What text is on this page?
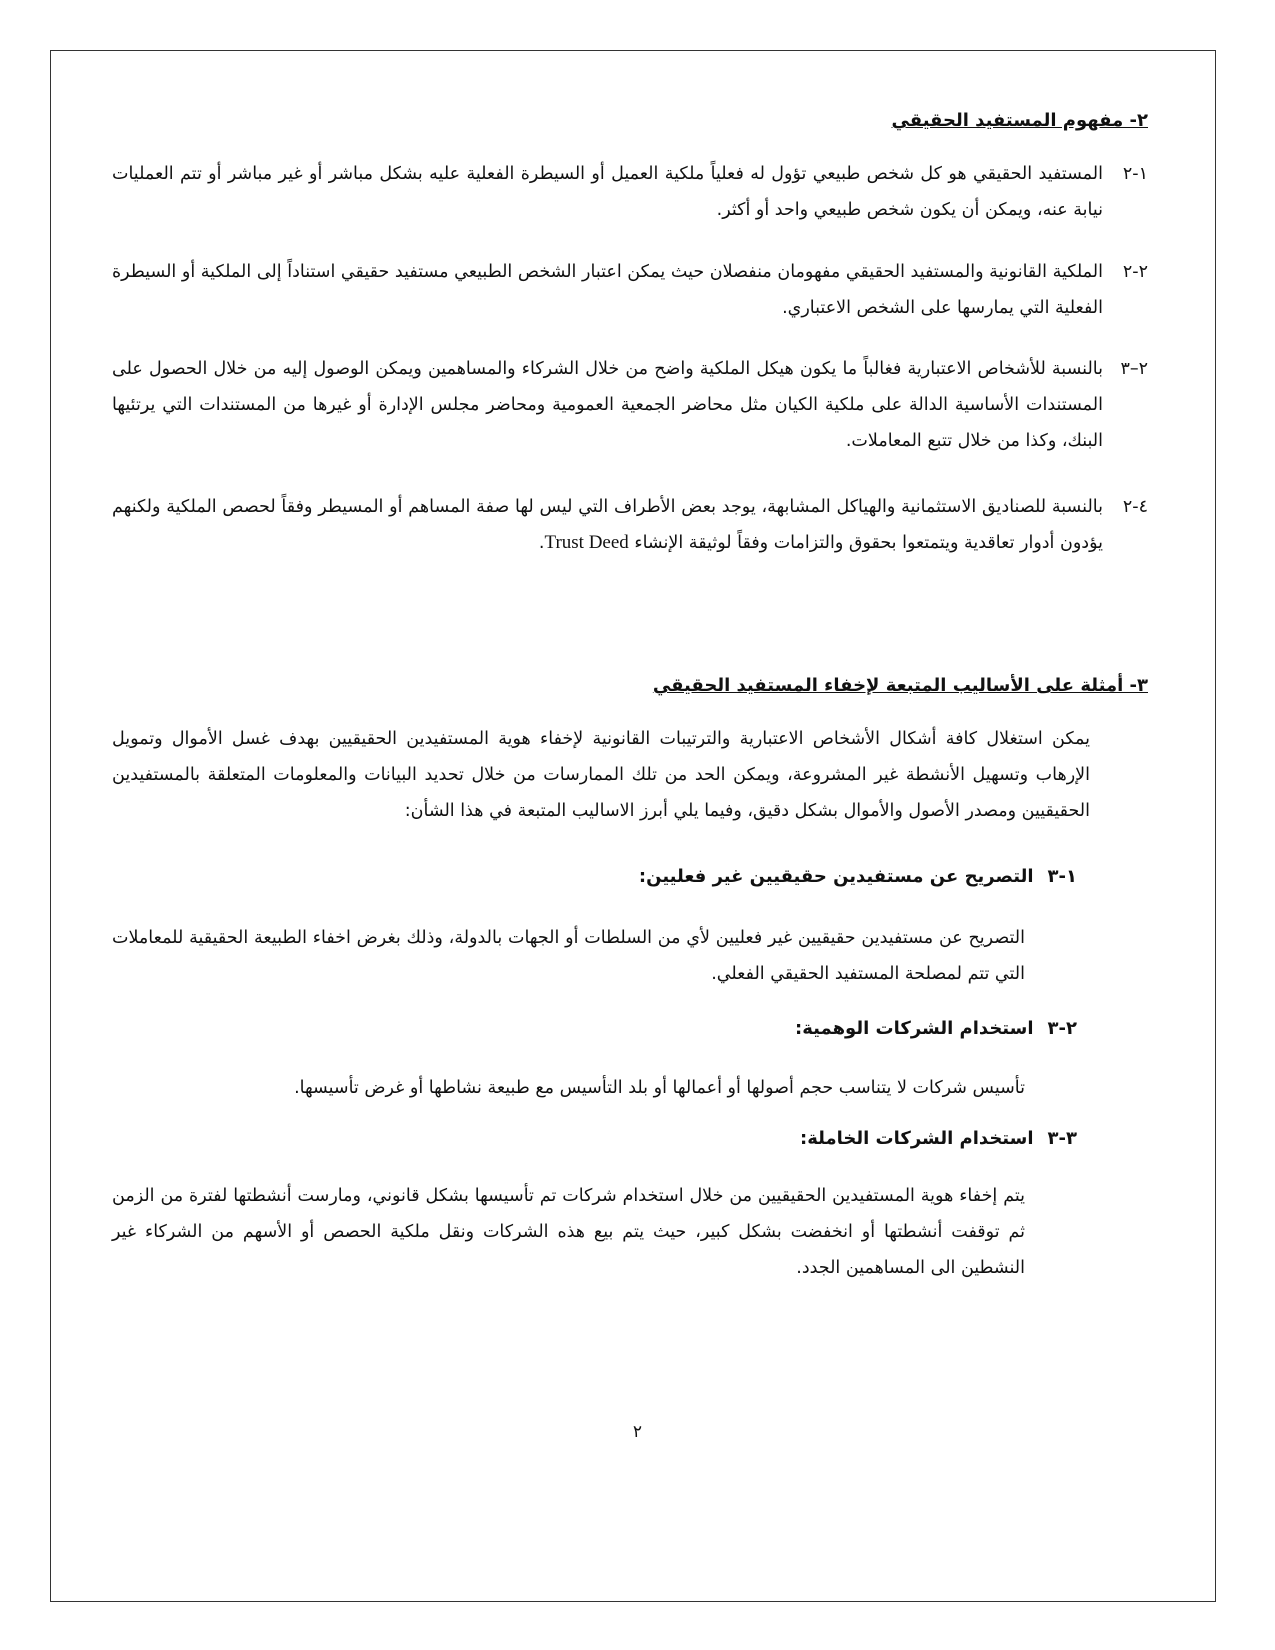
٢- مفهوم المستفيد الحقيقي
١-٢
المستفيد الحقيقي هو كل شخص طبيعي تؤول له فعلياً ملكية العميل أو السيطرة الفعلية عليه بشكل مباشر أو غير مباشر أو تتم العمليات نيابة عنه، ويمكن أن يكون شخص طبيعي واحد أو أكثر.
٢-٢
الملكية القانونية والمستفيد الحقيقي مفهومان منفصلان حيث يمكن اعتبار الشخص الطبيعي مستفيد حقيقي استناداً إلى الملكية أو السيطرة الفعلية التي يمارسها على الشخص الاعتباري.
٢–٣
بالنسبة للأشخاص الاعتبارية فغالباً ما يكون هيكل الملكية واضح من خلال الشركاء والمساهمين ويمكن الوصول إليه من خلال الحصول على المستندات الأساسية الدالة على ملكية الكيان مثل محاضر الجمعية العمومية ومحاضر مجلس الإدارة أو غيرها من المستندات التي يرتئيها البنك، وكذا من خلال تتبع المعاملات.
٤-٢
بالنسبة للصناديق الاستثمانية والهياكل المشابهة، يوجد بعض الأطراف التي ليس لها صفة المساهم أو المسيطر وفقاً لحصص الملكية ولكنهم يؤدون أدوار تعاقدية ويتمتعوا بحقوق والتزامات وفقاً لوثيقة الإنشاء Trust Deed.
٣- أمثلة على الأساليب المتبعة لإخفاء المستفيد الحقيقي
يمكن استغلال كافة أشكال الأشخاص الاعتبارية والترتيبات القانونية لإخفاء هوية المستفيدين الحقيقيين بهدف غسل الأموال وتمويل الإرهاب وتسهيل الأنشطة غير المشروعة، ويمكن الحد من تلك الممارسات من خلال تحديد البيانات والمعلومات المتعلقة بالمستفيدين الحقيقيين ومصدر الأصول والأموال بشكل دقيق، وفيما يلي أبرز الاساليب المتبعة في هذا الشأن:
١-٣التصريح عن مستفيدين حقيقيين غير فعليين:
التصريح عن مستفيدين حقيقيين غير فعليين لأي من السلطات أو الجهات بالدولة، وذلك بغرض اخفاء الطبيعة الحقيقية للمعاملات التي تتم لمصلحة المستفيد الحقيقي الفعلي.
٢-٣استخدام الشركات الوهمية:
تأسيس شركات لا يتناسب حجم أصولها أو أعمالها أو بلد التأسيس مع طبيعة نشاطها أو غرض تأسيسها.
٣-٣استخدام الشركات الخاملة:
يتم إخفاء هوية المستفيدين الحقيقيين من خلال استخدام شركات تم تأسيسها بشكل قانوني، ومارست أنشطتها لفترة من الزمن ثم توقفت أنشطتها أو انخفضت بشكل كبير، حيث يتم بيع هذه الشركات ونقل ملكية الحصص أو الأسهم من الشركاء غير النشطين الى المساهمين الجدد.
٢
